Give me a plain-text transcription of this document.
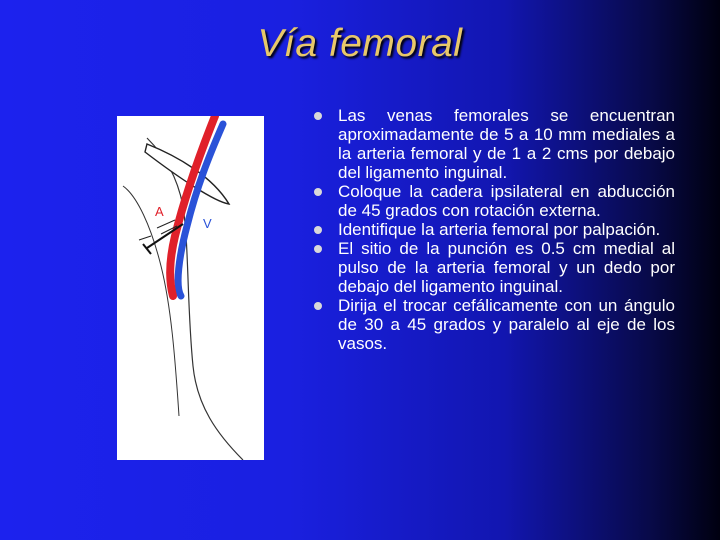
Vía femoral
A
V
Las venas femorales se encuentran aproximadamente de 5 a 10 mm mediales a la arteria femoral y de 1 a 2 cms por debajo del ligamento inguinal.
Coloque la cadera ipsilateral en abducción de 45 grados con rotación externa.
Identifique la arteria femoral por palpación.
El sitio de la punción es 0.5 cm medial al pulso de la arteria femoral y un dedo por debajo del ligamento inguinal.
Dirija el trocar cefálicamente con un ángulo de 30 a 45 grados y paralelo al eje de los vasos.
